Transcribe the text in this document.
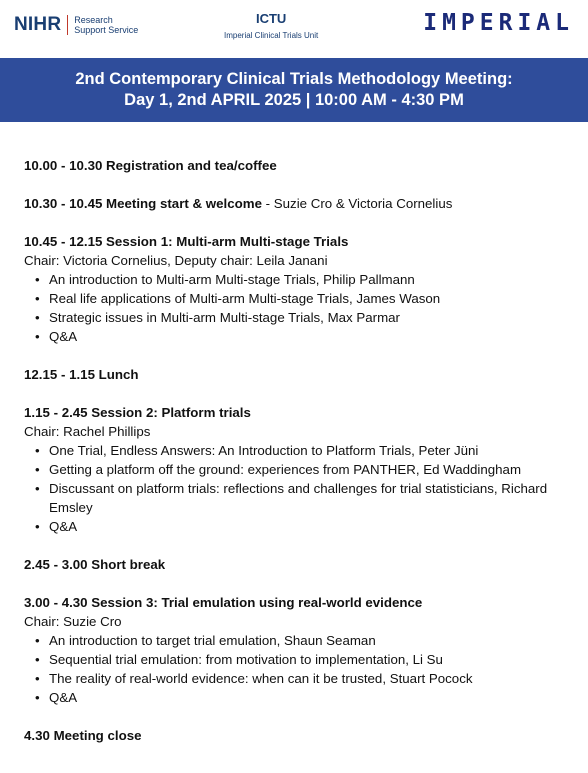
NIHR Research
Support Service
ICTU
Imperial Clinical Trials Unit	IMPERIAL
2nd Contemporary Clinical Trials Methodology Meeting:
Day 1, 2nd APRIL 2025 | 10:00 AM - 4:30 PM
10.00 - 10.30 Registration and tea/coffee
10.30 - 10.45 Meeting start & welcome - Suzie Cro & Victoria Cornelius
10.45 - 12.15 Session 1: Multi-arm Multi-stage Trials
Chair: Victoria Cornelius, Deputy chair: Leila Janani
• An introduction to Multi-arm Multi-stage Trials, Philip Pallmann
• Real life applications of Multi-arm Multi-stage Trials, James Wason
• Strategic issues in Multi-arm Multi-stage Trials, Max Parmar
• Q&A
12.15 - 1.15 Lunch
1.15 - 2.45 Session 2: Platform trials
Chair: Rachel Phillips
• One Trial, Endless Answers: An Introduction to Platform Trials, Peter Jüni
• Getting a platform off the ground: experiences from PANTHER, Ed Waddingham
• Discussant on platform trials: reflections and challenges for trial statisticians, Richard Emsley
• Q&A
2.45 - 3.00 Short break
3.00 - 4.30 Session 3: Trial emulation using real-world evidence
Chair: Suzie Cro
• An introduction to target trial emulation, Shaun Seaman
• Sequential trial emulation: from motivation to implementation, Li Su
• The reality of real-world evidence: when can it be trusted, Stuart Pocock
• Q&A
4.30 Meeting close
